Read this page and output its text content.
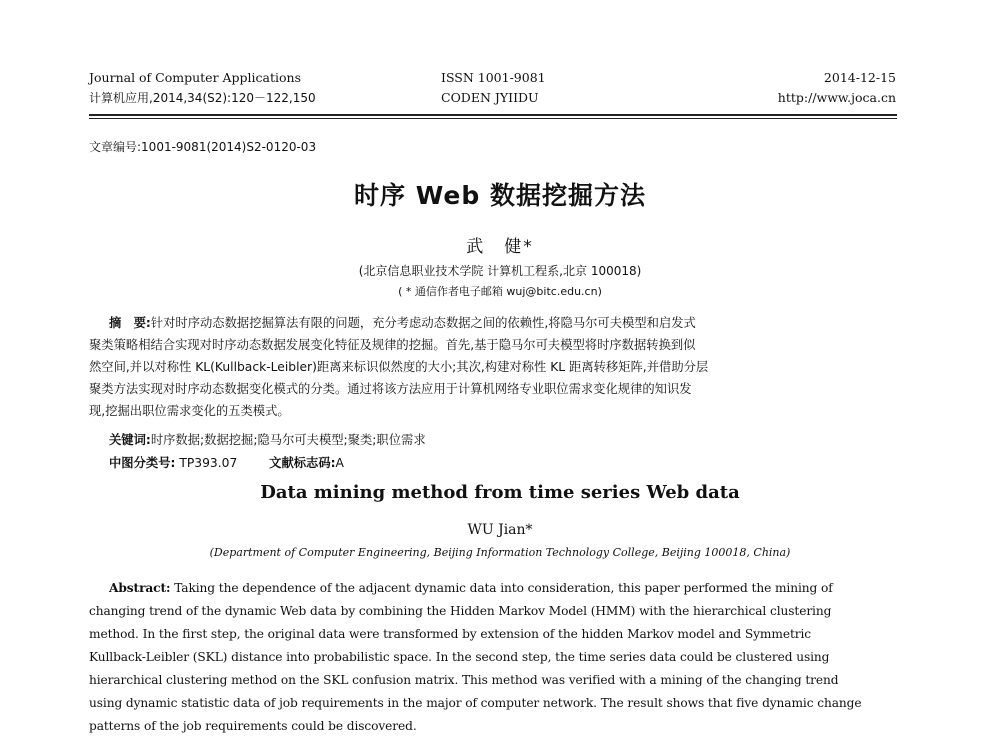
Journal of Computer Applications
计算机应用,2014,34(S2):120－122,150
ISSN 1001-9081
CODEN JYIIDU
2014-12-15
http://www.joca.cn
文章编号:1001-9081(2014)S2-0120-03
时序 Web 数据挖掘方法
武　健*
(北京信息职业技术学院 计算机工程系,北京 100018)
( * 通信作者电子邮箱 wuj@bitc.edu.cn)
摘　要:针对时序动态数据挖掘算法有限的问题，充分考虑动态数据之间的依赖性,将隐马尔可夫模型和启发式
聚类策略相结合实现对时序动态数据发展变化特征及规律的挖掘。首先,基于隐马尔可夫模型将时序数据转换到似
然空间,并以对称性 KL(Kullback-Leibler)距离来标识似然度的大小;其次,构建对称性 KL 距离转移矩阵,并借助分层
聚类方法实现对时序动态数据变化模式的分类。通过将该方法应用于计算机网络专业职位需求变化规律的知识发
现,挖掘出职位需求变化的五类模式。
关键词:时序数据;数据挖掘;隐马尔可夫模型;聚类;职位需求
中图分类号: TP393.07	文献标志码:A
Data mining method from time series Web data
WU Jian*
(Department of Computer Engineering, Beijing Information Technology College, Beijing 100018, China)
Abstract: Taking the dependence of the adjacent dynamic data into consideration, this paper performed the mining of
changing trend of the dynamic Web data by combining the Hidden Markov Model (HMM) with the hierarchical clustering
method. In the first step, the original data were transformed by extension of the hidden Markov model and Symmetric
Kullback-Leibler (SKL) distance into probabilistic space. In the second step, the time series data could be clustered using
hierarchical clustering method on the SKL confusion matrix. This method was verified with a mining of the changing trend
using dynamic statistic data of job requirements in the major of computer network. The result shows that five dynamic change
patterns of the job requirements could be discovered.
